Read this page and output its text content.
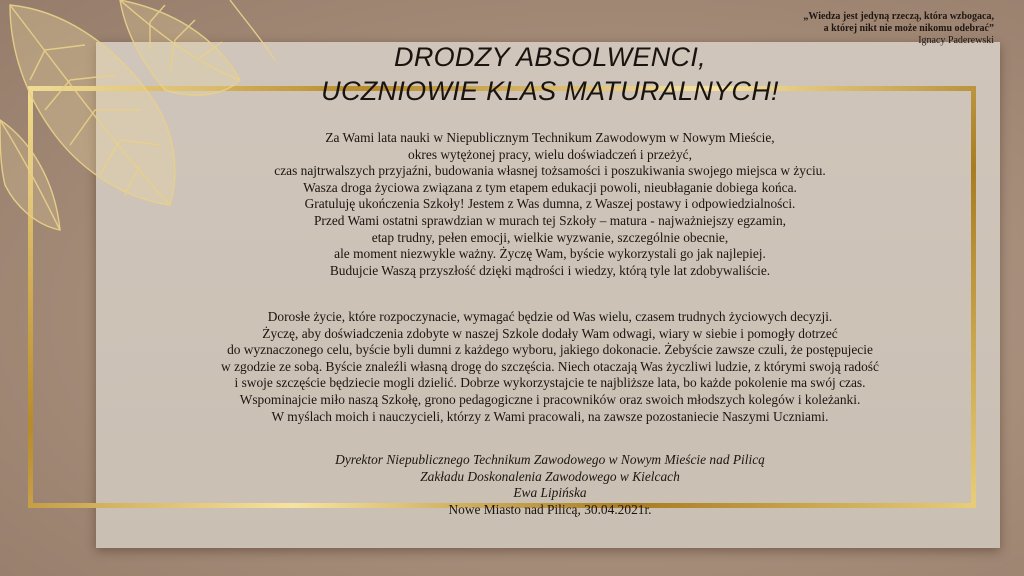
„Wiedza jest jedyną rzeczą, która wzbogaca,
a której nikt nie może nikomu odebrać”
Ignacy Paderewski
DRODZY ABSOLWENCI,
UCZNIOWIE KLAS MATURALNYCH!
Za Wami lata nauki w Niepublicznym Technikum Zawodowym w Nowym Mieście,
okres wytężonej pracy, wielu doświadczeń i przeżyć,
czas najtrwalszych przyjaźni, budowania własnej tożsamości i poszukiwania swojego miejsca w życiu.
Wasza droga życiowa związana z tym etapem edukacji powoli, nieubłaganie dobiega końca.
Gratuluję ukończenia Szkoły! Jestem z Was dumna, z Waszej postawy i odpowiedzialności.
Przed Wami ostatni sprawdzian w murach tej Szkoły – matura - najważniejszy egzamin,
etap trudny, pełen emocji, wielkie wyzwanie, szczególnie obecnie,
ale moment niezwykle ważny. Życzę Wam, byście wykorzystali go jak najlepiej.
Budujcie Waszą przyszłość dzięki mądrości i wiedzy, którą tyle lat zdobywaliście.
Dorosłe życie, które rozpoczynacie, wymagać będzie od Was wielu, czasem trudnych życiowych decyzji.
Życzę, aby doświadczenia zdobyte w naszej Szkole dodały Wam odwagi, wiary w siebie i pomogły dotrzeć
do wyznaczonego celu, byście byli dumni z każdego wyboru, jakiego dokonacie. Żebyście zawsze czuli, że postępujecie
w zgodzie ze sobą. Byście znaleźli własną drogę do szczęścia. Niech otaczają Was życzliwi ludzie, z którymi swoją radość
i swoje szczęście będziecie mogli dzielić. Dobrze wykorzystajcie te najbliższe lata, bo każde pokolenie ma swój czas.
Wspominajcie miło naszą Szkołę, grono pedagogiczne i pracowników oraz swoich młodszych kolegów i koleżanki.
W myślach moich i nauczycieli, którzy z Wami pracowali, na zawsze pozostaniecie Naszymi Uczniami.
Dyrektor Niepublicznego Technikum Zawodowego w Nowym Mieście nad Pilicą
Zakładu Doskonalenia Zawodowego w Kielcach
Ewa Lipińska
Nowe Miasto nad Pilicą, 30.04.2021r.
